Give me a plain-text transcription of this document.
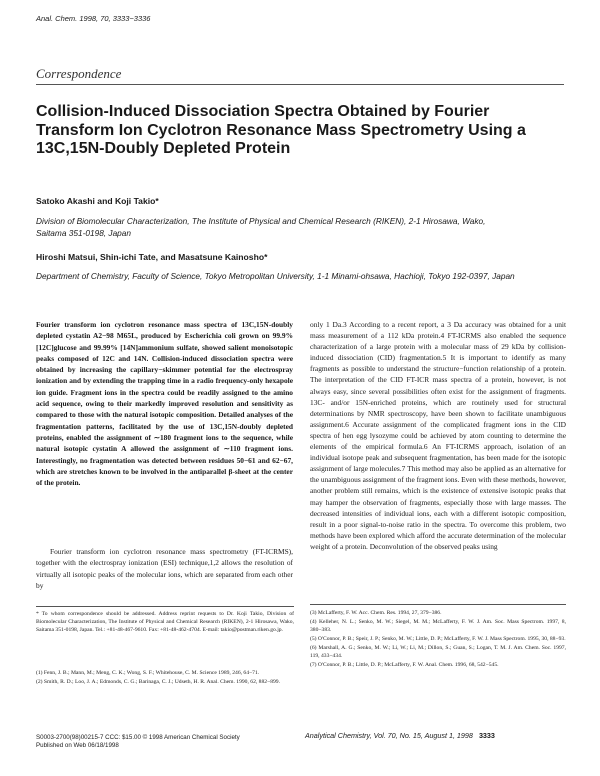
Anal. Chem. 1998, 70, 3333−3336
Correspondence
Collision-Induced Dissociation Spectra Obtained by Fourier Transform Ion Cyclotron Resonance Mass Spectrometry Using a 13C,15N-Doubly Depleted Protein
Satoko Akashi and Koji Takio*
Division of Biomolecular Characterization, The Institute of Physical and Chemical Research (RIKEN), 2-1 Hirosawa, Wako, Saitama 351-0198, Japan
Hiroshi Matsui, Shin-ichi Tate, and Masatsune Kainosho*
Department of Chemistry, Faculty of Science, Tokyo Metropolitan University, 1-1 Minami-ohsawa, Hachioji, Tokyo 192-0397, Japan
Fourier transform ion cyclotron resonance mass spectra of 13C,15N-doubly depleted cystatin A2−98 M65L, produced by Escherichia coli grown on 99.9% [12C]glucose and 99.99% [14N]ammonium sulfate, showed salient monoisotopic peaks composed of 12C and 14N. Collision-induced dissociation spectra were obtained by increasing the capillary−skimmer potential for the electrospray ionization and by extending the trapping time in a radio frequency-only hexapole ion guide. Fragment ions in the spectra could be readily assigned to the amino acid sequence, owing to their markedly improved resolution and sensitivity as compared to those with the natural isotopic composition. Detailed analyses of the fragmentation patterns, facilitated by the use of 13C,15N-doubly depleted proteins, enabled the assignment of ∼180 fragment ions to the sequence, while natural isotopic cystatin A allowed the assignment of ∼110 fragment ions. Interestingly, no fragmentation was detected between residues 50−61 and 62−67, which are stretches known to be involved in the antiparallel β-sheet at the center of the protein.
Fourier transform ion cyclotron resonance mass spectrometry (FT-ICRMS), together with the electrospray ionization (ESI) technique,1,2 allows the resolution of virtually all isotopic peaks of the molecular ions, which are separated from each other by
only 1 Da.3 According to a recent report, a 3 Da accuracy was obtained for a unit mass measurement of a 112 kDa protein.4 FT-ICRMS also enabled the sequence characterization of a large protein with a molecular mass of 29 kDa by collision-induced dissociation (CID) fragmentation.5 It is important to identify as many fragments as possible to understand the structure−function relationship of a protein. The interpretation of the CID FT-ICR mass spectra of a protein, however, is not always easy, since several possibilities often exist for the assignment of fragments. 13C- and/or 15N-enriched proteins, which are routinely used for structural determinations by NMR spectroscopy, have been shown to facilitate unambiguous assignment.6 Accurate assignment of the complicated fragment ions in the CID spectra of hen egg lysozyme could be achieved by atom counting to determine the elements of the empirical formula.6 An FT-ICRMS approach, isolation of an individual isotope peak and subsequent fragmentation, has been made for the isotopic assignment of large molecules.7 This method may also be applied as an alternative for the unambiguous assignment of the fragment ions. Even with these methods, however, another problem still remains, which is the existence of extensive isotopic peaks that may hamper the observation of fragments, especially those with large masses. The decreased intensities of individual ions, each with a different isotopic composition, result in a poor signal-to-noise ratio in the spectra. To overcome this problem, two methods have been explored which afford the accurate determination of the molecular weight of a protein. Deconvolution of the observed peaks using

* To whom correspondence should be addressed. Address reprint requests to Dr. Koji Takio, Division of Biomolecular Characterization, The Institute of Physical and Chemical Research (RIKEN), 2-1 Hirosawa, Wako, Saitama 351-0198, Japan. Tel.: +81-48-467-9610. Fax: +81-48-462-4704. E-mail: takio@postman.riken.go.jp.

(1) Fenn, J. B.; Mann, M.; Meng, C. K.; Wong, S. F.; Whitehouse, C. M. Science 1989, 246, 64−71.

(2) Smith, R. D.; Loo, J. A.; Edmonds, C. G.; Barinaga, C. J.; Udseth, H. R. Anal. Chem. 1990, 62, 882−899.

(3) McLafferty, F. W. Acc. Chem. Res. 1994, 27, 379−386.

(4) Kelleher, N. L.; Senko, M. W.; Siegel, M. M.; McLafferty, F. W. J. Am. Soc. Mass Spectrom. 1997, 8, 380−383.

(5) O'Connor, P. B.; Speir, J. P.; Senko, M. W.; Little, D. P.; McLafferty, F. W. J. Mass Spectrom. 1995, 30, 88−93.

(6) Marshall, A. G.; Senko, M. W.; Li, W.; Li, M.; Dillon, S.; Guan, S.; Logan, T. M. J. Am. Chem. Soc. 1997, 119, 433−434.

(7) O'Connor, P. B.; Little, D. P.; McLafferty, F. W. Anal. Chem. 1996, 68, 542−545.

S0003-2700(98)00215-7 CCC: $15.00 © 1998 American Chemical Society
Published on Web 06/18/1998
Analytical Chemistry, Vol. 70, No. 15, August 1, 1998 3333
